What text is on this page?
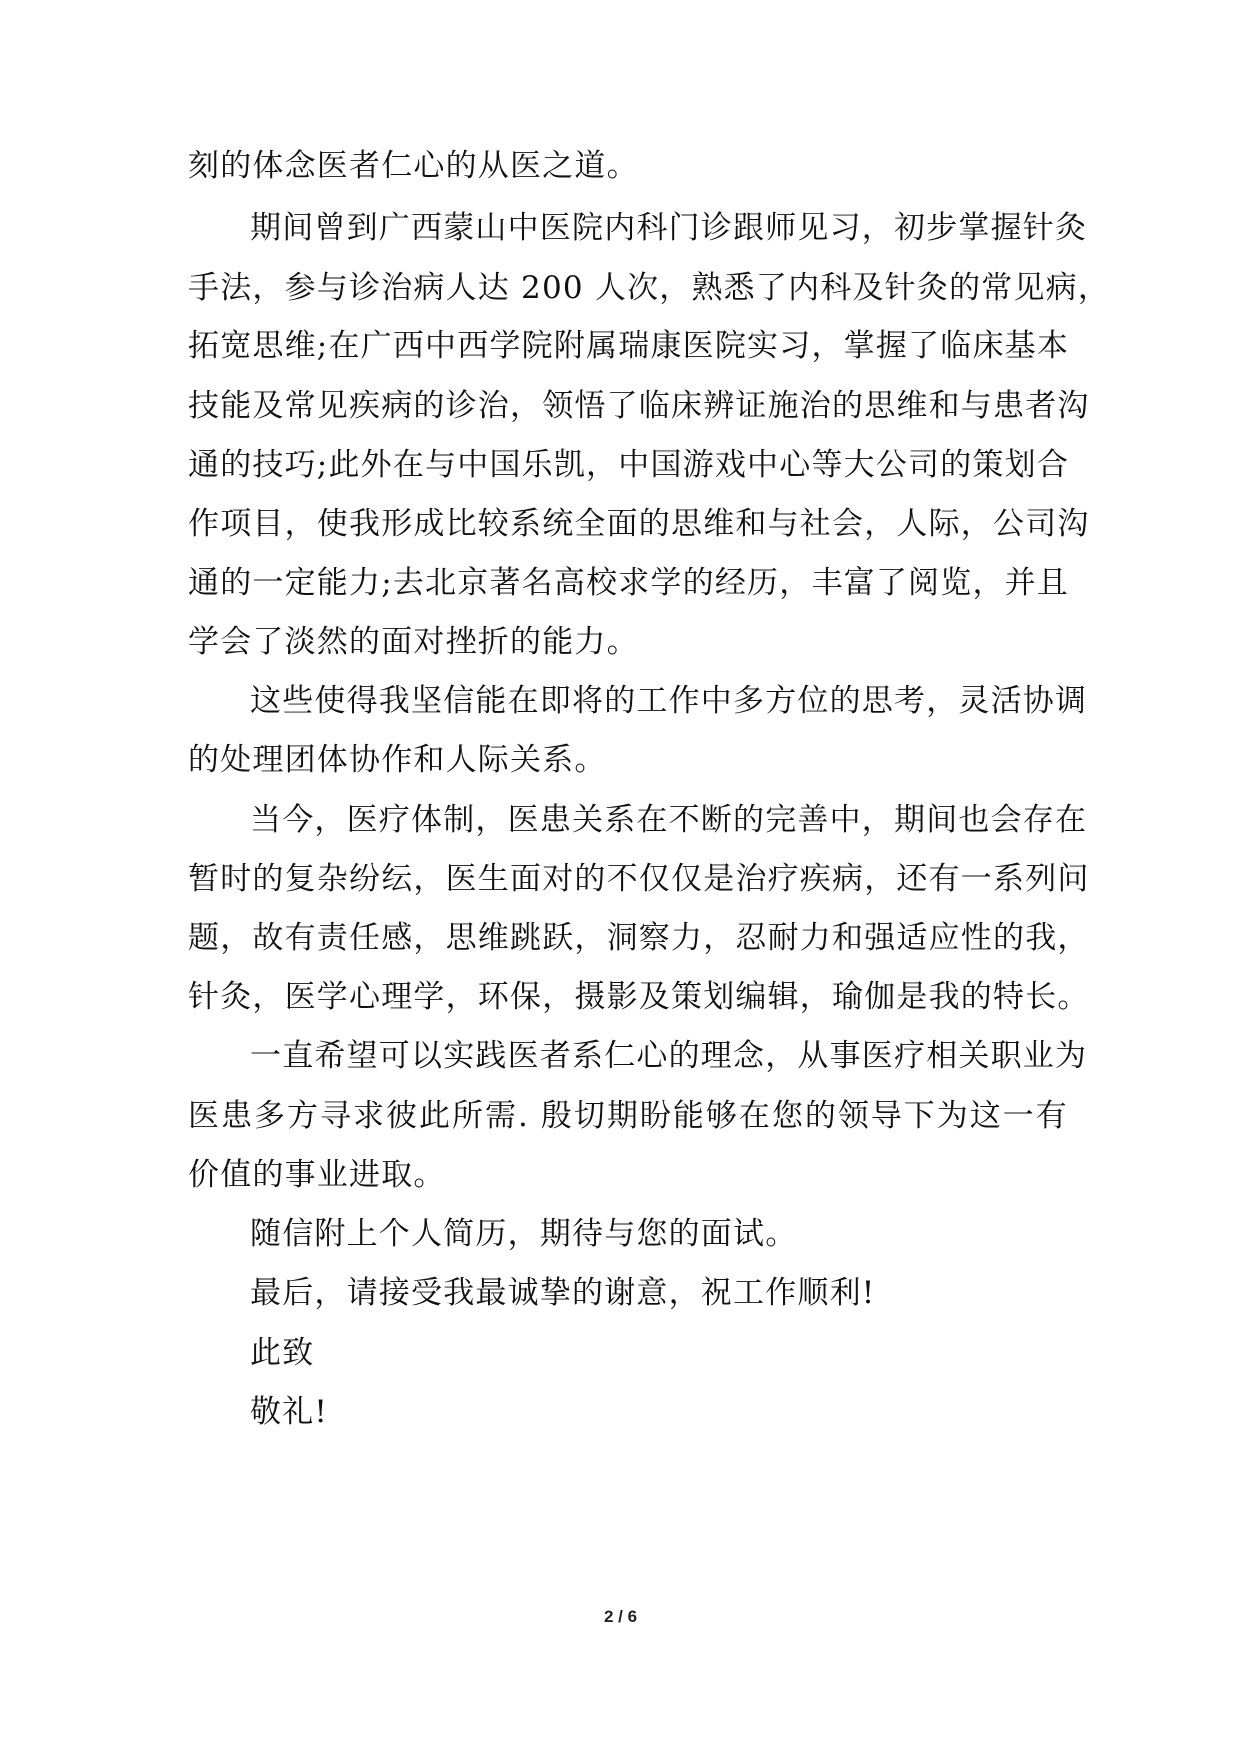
刻的体念医者仁心的从医之道。
期间曾到广西蒙山中医院内科门诊跟师见习，初步掌握针灸
手法，参与诊治病人达 200 人次，熟悉了内科及针灸的常见病，
拓宽思维;在广西中西学院附属瑞康医院实习，掌握了临床基本
技能及常见疾病的诊治，领悟了临床辨证施治的思维和与患者沟
通的技巧;此外在与中国乐凯，中国游戏中心等大公司的策划合
作项目，使我形成比较系统全面的思维和与社会，人际，公司沟
通的一定能力;去北京著名高校求学的经历，丰富了阅览，并且
学会了淡然的面对挫折的能力。
这些使得我坚信能在即将的工作中多方位的思考，灵活协调
的处理团体协作和人际关系。
当今，医疗体制，医患关系在不断的完善中，期间也会存在
暂时的复杂纷纭，医生面对的不仅仅是治疗疾病，还有一系列问
题，故有责任感，思维跳跃，洞察力，忍耐力和强适应性的我，
针灸，医学心理学，环保，摄影及策划编辑，瑜伽是我的特长。
一直希望可以实践医者系仁心的理念，从事医疗相关职业为
医患多方寻求彼此所需. 殷切期盼能够在您的领导下为这一有
价值的事业进取。
随信附上个人简历，期待与您的面试。
最后，请接受我最诚挚的谢意，祝工作顺利!
此致
敬礼!
2 / 6
